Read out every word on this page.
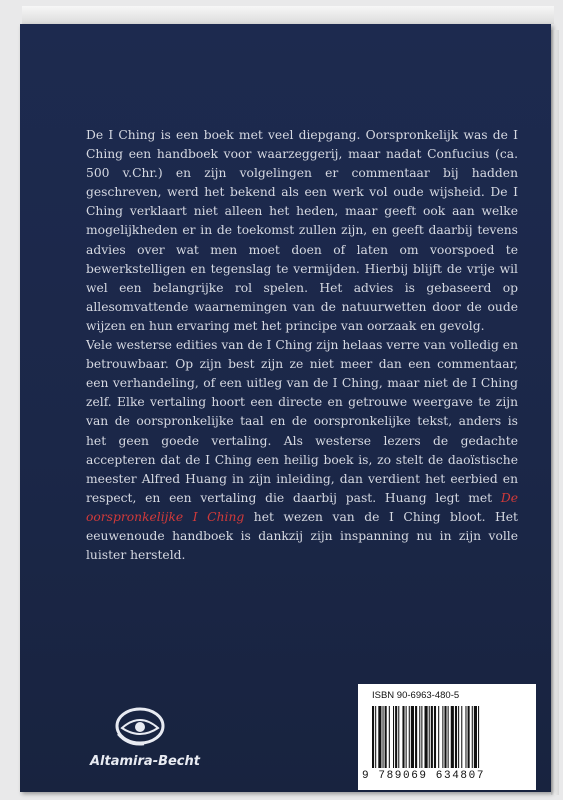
De I Ching is een boek met veel diepgang. Oorspronkelijk was de I Ching een handboek voor waarzeggerij, maar nadat Confucius (ca. 500 v.Chr.) en zijn volgelingen er commentaar bij hadden geschreven, werd het bekend als een werk vol oude wijsheid. De I Ching verklaart niet alleen het heden, maar geeft ook aan welke mogelijkheden er in de toekomst zullen zijn, en geeft daarbij tevens advies over wat men moet doen of laten om voorspoed te bewerkstelligen en tegenslag te vermijden. Hierbij blijft de vrije wil wel een belangrijke rol spelen. Het advies is gebaseerd op allesomvattende waarnemingen van de natuurwetten door de oude wijzen en hun ervaring met het principe van oorzaak en gevolg.

Vele westerse edities van de I Ching zijn helaas verre van volledig en betrouwbaar. Op zijn best zijn ze niet meer dan een commentaar, een verhandeling, of een uitleg van de I Ching, maar niet de I Ching zelf. Elke vertaling hoort een directe en getrouwe weergave te zijn van de oorspronkelijke taal en de oorspronkelijke tekst, anders is het geen goede vertaling. Als westerse lezers de gedachte accepteren dat de I Ching een heilig boek is, zo stelt de daoïstische meester Alfred Huang in zijn inleiding, dan verdient het eerbied en respect, en een vertaling die daarbij past. Huang legt met De oorspronkelijke I Ching het wezen van de I Ching bloot. Het eeuwenoude handboek is dankzij zijn inspanning nu in zijn volle luister hersteld.

Altamira-Becht
ISBN 90-6963-480-5
9 789069 634807
